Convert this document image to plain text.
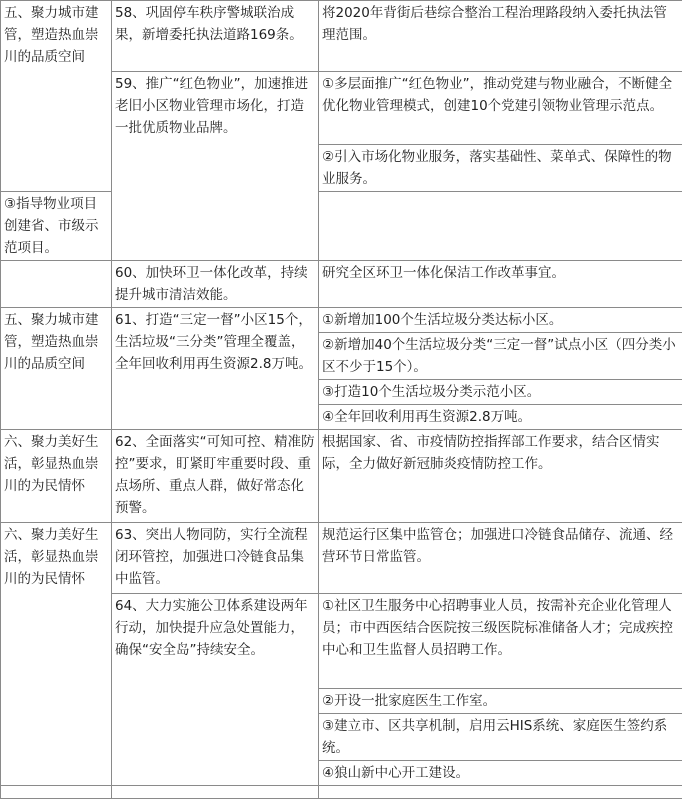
五、聚力城市建管，塑造热血崇川的品质空间	58、巩固停车秩序警城联治成果，新增委托执法道路169条。	将2020年背街后巷综合整治工程治理路段纳入委托执法管理范围。
	59、推广“红色物业”，加速推进老旧小区物业管理市场化，打造一批优质物业品牌。	①多层面推广“红色物业”，推动党建与物业融合，不断健全优化物业管理模式，创建10个党建引领物业管理示范点。
		②引入市场化物业服务，落实基础性、菜单式、保障性的物业服务。
③指导物业项目创建省、市级示范项目。		
	60、加快环卫一体化改革，持续提升城市清洁效能。	研究全区环卫一体化保洁工作改革事宜。
五、聚力城市建管，塑造热血崇川的品质空间	61、打造“三定一督”小区15个，生活垃圾“三分类”管理全覆盖，全年回收利用再生资源2.8万吨。	①新增加100个生活垃圾分类达标小区。
		②新增加40个生活垃圾分类“三定一督”试点小区（四分类小区不少于15个）。
		③打造10个生活垃圾分类示范小区。
		④全年回收利用再生资源2.8万吨。
六、聚力美好生活，彰显热血崇川的为民情怀	62、全面落实“可知可控、精准防控”要求，盯紧盯牢重要时段、重点场所、重点人群，做好常态化预警。	根据国家、省、市疫情防控指挥部工作要求，结合区情实际，全力做好新冠肺炎疫情防控工作。
六、聚力美好生活，彰显热血崇川的为民情怀	63、突出人物同防，实行全流程闭环管控，加强进口冷链食品集中监管。	规范运行区集中监管仓；加强进口冷链食品储存、流通、经营环节日常监管。
	64、大力实施公卫体系建设两年行动，加快提升应急处置能力，确保“安全岛”持续安全。	①社区卫生服务中心招聘事业人员，按需补充企业化管理人员；市中西医结合医院按三级医院标准储备人才；完成疾控中心和卫生监督人员招聘工作。
		②开设一批家庭医生工作室。
		③建立市、区共享机制，启用云HIS系统、家庭医生签约系统。
		④狼山新中心开工建设。
